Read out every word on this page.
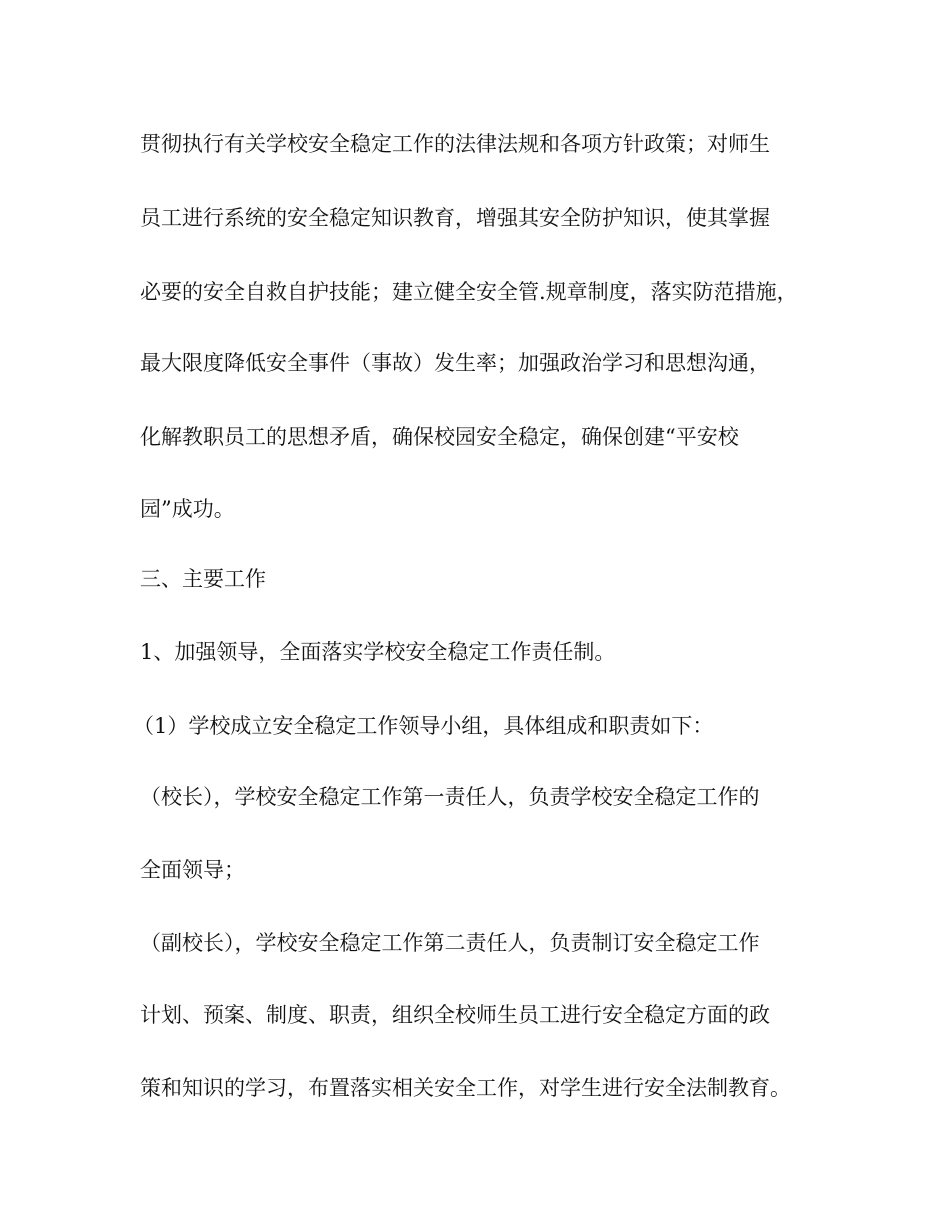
贯彻执行有关学校安全稳定工作的法律法规和各项方针政策；对师生
员工进行系统的安全稳定知识教育，增强其安全防护知识，使其掌握
必要的安全自救自护技能；建立健全安全管.规章制度，落实防范措施，
最大限度降低安全事件（事故）发生率；加强政治学习和思想沟通，
化解教职员工的思想矛盾，确保校园安全稳定，确保创建“平安校
园”成功。
三、主要工作
1、加强领导，全面落实学校安全稳定工作责任制。
（1）学校成立安全稳定工作领导小组，具体组成和职责如下：
（校长），学校安全稳定工作第一责任人，负责学校安全稳定工作的
全面领导；
（副校长），学校安全稳定工作第二责任人，负责制订安全稳定工作
计划、预案、制度、职责，组织全校师生员工进行安全稳定方面的政
策和知识的学习，布置落实相关安全工作，对学生进行安全法制教育。
